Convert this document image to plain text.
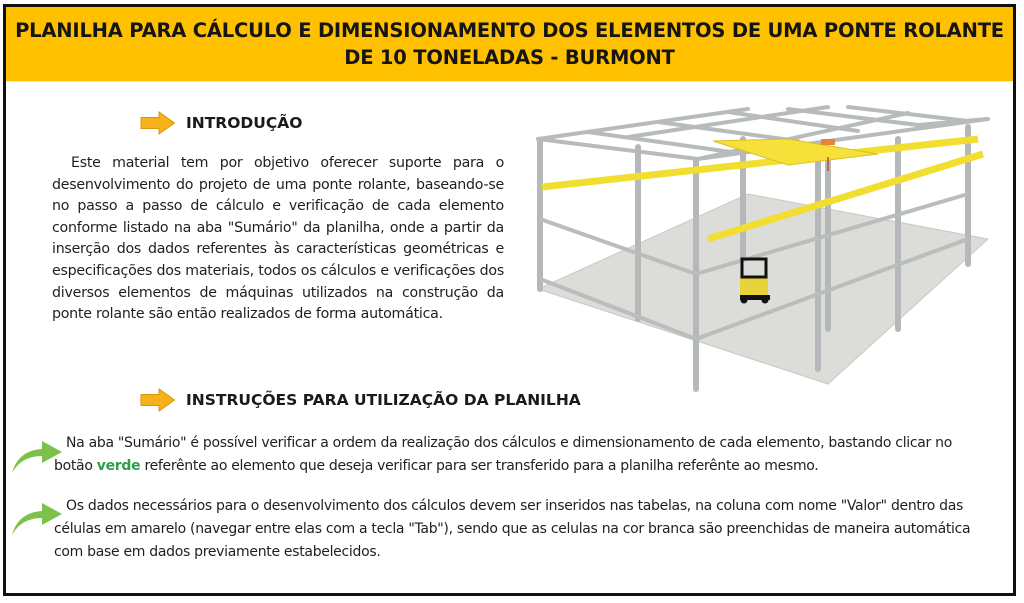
PLANILHA PARA CÁLCULO E DIMENSIONAMENTO DOS ELEMENTOS DE UMA PONTE ROLANTE
DE 10 TONELADAS - BURMONT
INTRODUÇÃO
Este material tem por objetivo oferecer suporte para o desenvolvimento do projeto de uma ponte rolante, baseando-se no passo a passo de cálculo e verificação de cada elemento conforme listado na aba "Sumário" da planilha, onde a partir da inserção dos dados referentes às características geométricas e especificações dos materiais, todos os cálculos e verificações dos diversos elementos de máquinas utilizados na construção da ponte rolante são então realizados de forma automática.
INSTRUÇÕES PARA UTILIZAÇÃO DA PLANILHA
Na aba "Sumário" é possível verificar a ordem da realização dos cálculos e dimensionamento de cada elemento, bastando clicar no botão verde referênte ao elemento que deseja verificar para ser transferido para a planilha referênte ao mesmo.
Os dados necessários para o desenvolvimento dos cálculos devem ser inseridos nas tabelas, na coluna com nome "Valor" dentro das células em amarelo (navegar entre elas com a tecla "Tab"), sendo que as celulas na cor branca são preenchidas de maneira automática com base em dados previamente estabelecidos.
